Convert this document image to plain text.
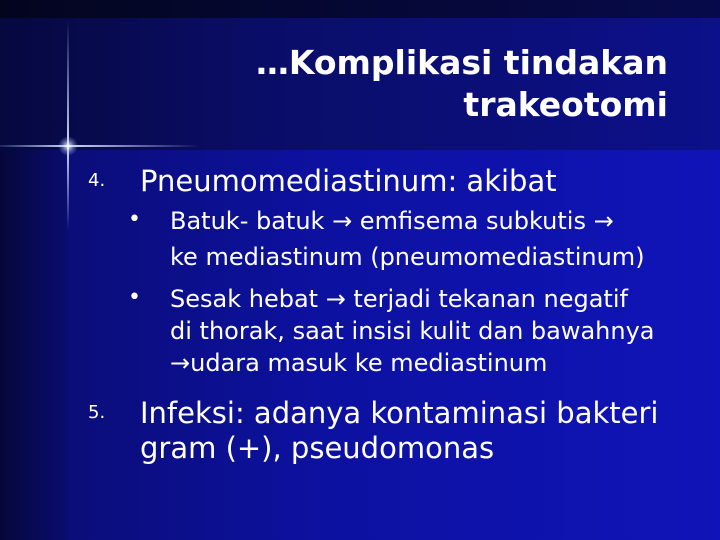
…Komplikasi tindakan
trakeotomi
4. Pneumomediastinum: akibat
• Batuk- batuk → emfisema subkutis →
ke mediastinum (pneumomediastinum)
• Sesak hebat → terjadi tekanan negatif
di thorak, saat insisi kulit dan bawahnya
→udara masuk ke mediastinum
5. Infeksi: adanya kontaminasi bakteri
gram (+), pseudomonas
